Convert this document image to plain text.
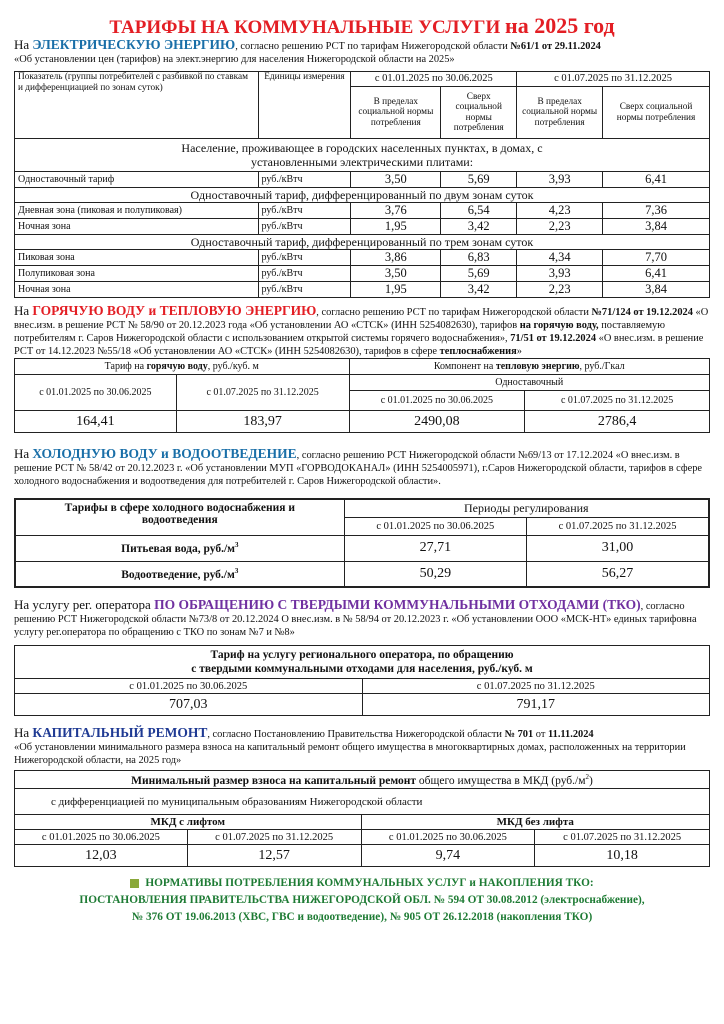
ТАРИФЫ НА КОММУНАЛЬНЫЕ УСЛУГИ на 2025 год
На ЭЛЕКТРИЧЕСКУЮ ЭНЕРГИЮ, согласно решению РСТ по тарифам Нижегородской области №61/1 от 29.11.2024
«Об установлении цен (тарифов) на элект.энергию для населения Нижегородской области на 2025»
Показатель (группы потребителей с разбивкой по ставкам и дифференциацией по зонам суток)	Единицы измерения	с 01.01.2025 по 30.06.2025		с 01.07.2025 по 31.12.2025	
		В пределах социальной нормы потребления	Сверх социальной нормы потребления	В пределах социальной нормы потребления	Сверх социальной нормы потребления
Население, проживающее в городских населенных пунктах, в домах, с установленными электрическими плитами:					
Одноставочный тариф	руб./кВтч	3,50	5,69	3,93	6,41
Одноставочный тариф, дифференцированный по двум зонам суток					
Дневная зона (пиковая и полупиковая)	руб./кВтч	3,76	6,54	4,23	7,36
Ночная зона	руб./кВтч	1,95	3,42	2,23	3,84
Одноставочный тариф, дифференцированный по трем зонам суток					
Пиковая зона	руб./кВтч	3,86	6,83	4,34	7,70
Полупиковая зона	руб./кВтч	3,50	5,69	3,93	6,41
Ночная зона	руб./кВтч	1,95	3,42	2,23	3,84
На ГОРЯЧУЮ ВОДУ и ТЕПЛОВУЮ ЭНЕРГИЮ, согласно решению РСТ по тарифам Нижегородской области №71/124 от 19.12.2024 «О внес.изм. в решение РСТ № 58/90 от 20.12.2023 года «Об установлении АО «СТСК» (ИНН 5254082630), тарифов на горячую воду, поставляемую потребителям г. Саров Нижегородской области с использованием открытой системы горячего водоснабжения», 71/51 от 19.12.2024 «О внес.изм. в решение РСТ от 14.12.2023 №55/18 «Об установлении АО «СТСК» (ИНН 5254082630), тарифов в сфере теплоснабжения»
Тариф на горячую воду, руб./куб. м		Компонент на тепловую энергию, руб./Гкал	
с 01.01.2025 по 30.06.2025	с 01.07.2025 по 31.12.2025	Одноставочный	
		с 01.01.2025 по 30.06.2025	с 01.07.2025 по 31.12.2025
164,41	183,97	2490,08	2786,4
На ХОЛОДНУЮ ВОДУ и ВОДООТВЕДЕНИЕ, согласно решению РСТ Нижегородской области №69/13 от 17.12.2024 «О внес.изм. в решение РСТ № 58/42 от 20.12.2023 г. «Об установлении МУП «ГОРВОДОКАНАЛ» (ИНН 5254005971), г.Саров Нижегородской области, тарифов в сфере холодного водоснабжения и водоотведения для потребителей г. Саров Нижегородской области».
Тарифы в сфере холодного водоснабжения и водоотведения	Периоды регулирования	
	с 01.01.2025 по 30.06.2025	с 01.07.2025 по 31.12.2025
Питьевая вода, $руб./м^3$	27,71	31,00
Водоотведение, $руб./м^3$	50,29	56,27
На услугу рег. оператора ПО ОБРАЩЕНИЮ С ТВЕРДЫМИ КОММУНАЛЬНЫМИ ОТХОДАМИ (ТКО), согласно решению РСТ Нижегородской области №73/8 от 20.12.2024 О внес.изм. в № 58/94 от 20.12.2023 г. «Об установлении ООО «МСК-НТ» единых тарифовна услугу рег.оператора по обращению с ТКО по зонам №7 и №8»
Тариф на услугу регионального оператора, по обращению
с твердыми коммунальными отходами для населения, руб./куб. м	
с 01.01.2025 по 30.06.2025	с 01.07.2025 по 31.12.2025
707,03	791,17
На КАПИТАЛЬНЫЙ РЕМОНТ, согласно Постановлению Правительства Нижегородской области № 701 от 11.11.2024
«Об установлении минимального размера взноса на капитальный ремонт общего имущества в многоквартирных домах, расположенных на территории Нижегородской области, на 2025 год»
Минимальный размер взноса на капитальный ремонт общего имущества в МКД $(руб./м^2)$			
с дифференциацией по муниципальным образованиям Нижегородской области			
МКД с лифтом		МКД без лифта	
с 01.01.2025 по 30.06.2025	с 01.07.2025 по 31.12.2025	с 01.01.2025 по 30.06.2025	с 01.07.2025 по 31.12.2025
12,03	12,57	9,74	10,18
НОРМАТИВЫ ПОТРЕБЛЕНИЯ КОММУНАЛЬНЫХ УСЛУГ и НАКОПЛЕНИЯ ТКО:
ПОСТАНОВЛЕНИЯ ПРАВИТЕЛЬСТВА НИЖЕГОРОДСКОЙ ОБЛ. № 594 ОТ 30.08.2012 (электроснабжение),
№ 376 ОТ 19.06.2013 (ХВС, ГВС и водоотведение), № 905 ОТ 26.12.2018 (накопления ТКО)
